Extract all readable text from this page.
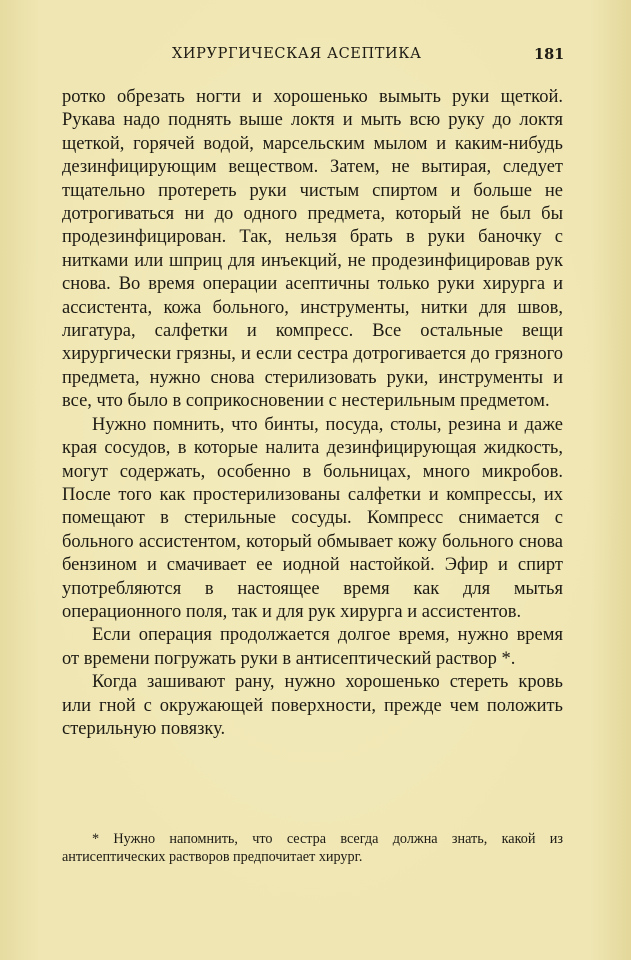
ХИРУРГИЧЕСКАЯ АСЕПТИКА	181

ротко обрезать ногти и хорошенько вымыть руки щеткой. Рукава надо поднять выше локтя и мыть всю руку до локтя щеткой, горячей водой, марсельским мылом и каким-нибудь дезинфицирующим веществом. Затем, не вытирая, следует тщательно протереть руки чистым спиртом и больше не дотрогиваться ни до одного предмета, который не был бы продезинфицирован. Так, нельзя брать в руки баночку с нитками или шприц для инъекций, не продезинфицировав рук снова. Во время операции асептичны только руки хирурга и ассистента, кожа больного, инструменты, нитки для швов, лигатура, салфетки и компресс. Все остальные вещи хирургически грязны, и если сестра дотрогивается до грязного предмета, нужно снова стерилизовать руки, инструменты и все, что было в соприкосновении с нестерильным предметом.

Нужно помнить, что бинты, посуда, столы, резина и даже края сосудов, в которые налита дезинфицирующая жидкость, могут содержать, особенно в больницах, много микробов. После того как простерилизованы салфетки и компрессы, их помещают в стерильные сосуды. Компресс снимается с больного ассистентом, который обмывает кожу больного снова бензином и смачивает ее иодной настойкой. Эфир и спирт употребляются в настоящее время как для мытья операционного поля, так и для рук хирурга и ассистентов.

Если операция продолжается долгое время, нужно время от времени погружать руки в антисептический раствор *.

Когда зашивают рану, нужно хорошенько стереть кровь или гной с окружающей поверхности, прежде чем положить стерильную повязку.

* Нужно напомнить, что сестра всегда должна знать, какой из антисептических растворов предпочитает хирург.
